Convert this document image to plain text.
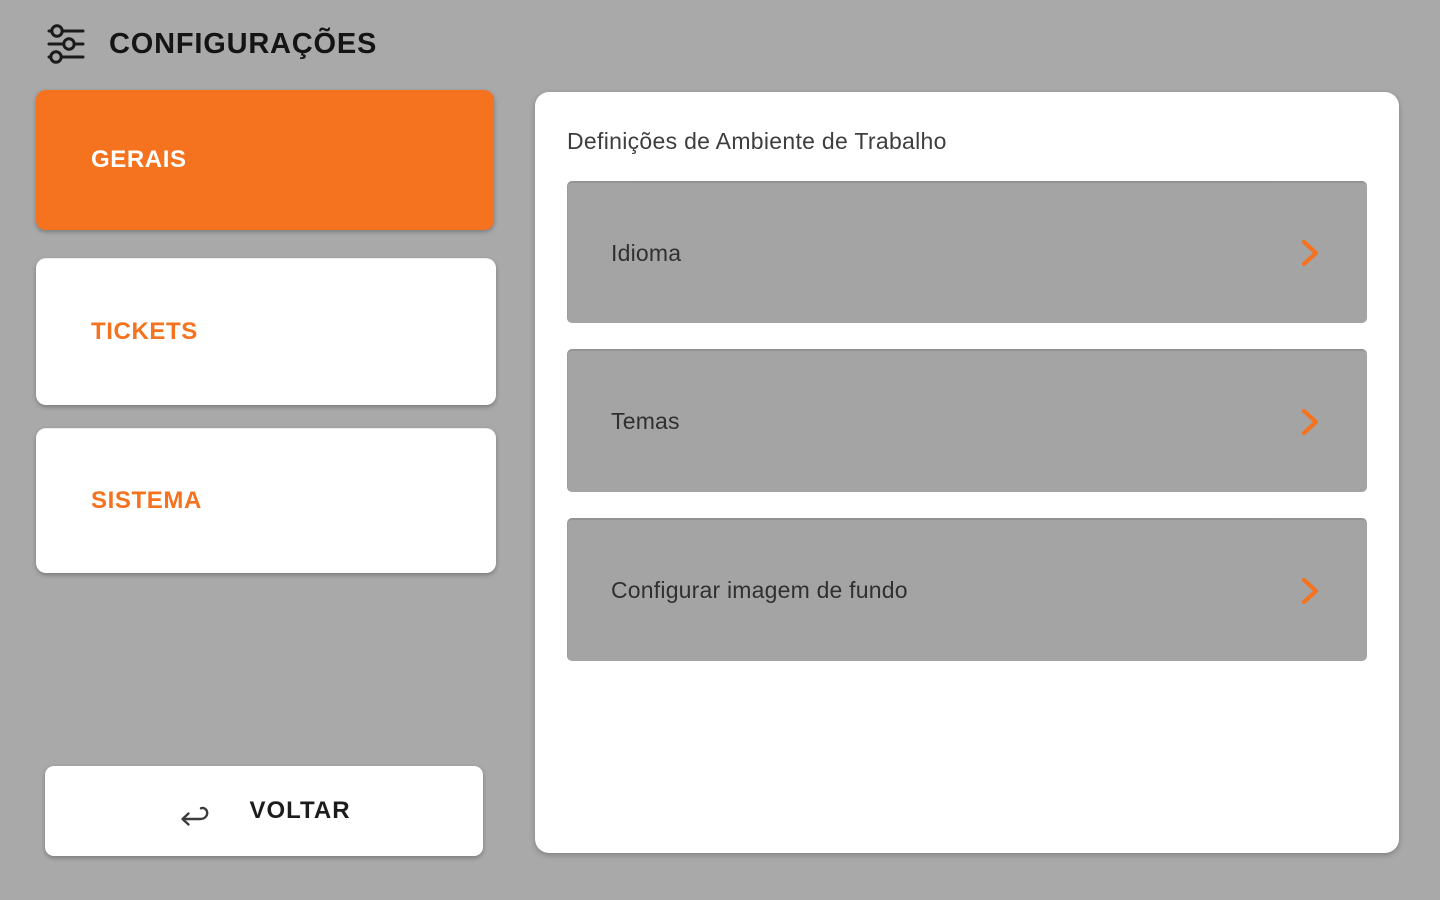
CONFIGURAÇÕES
GERAIS
TICKETS
SISTEMA
VOLTAR
Definições de Ambiente de Trabalho
Idioma
Temas
Configurar imagem de fundo
